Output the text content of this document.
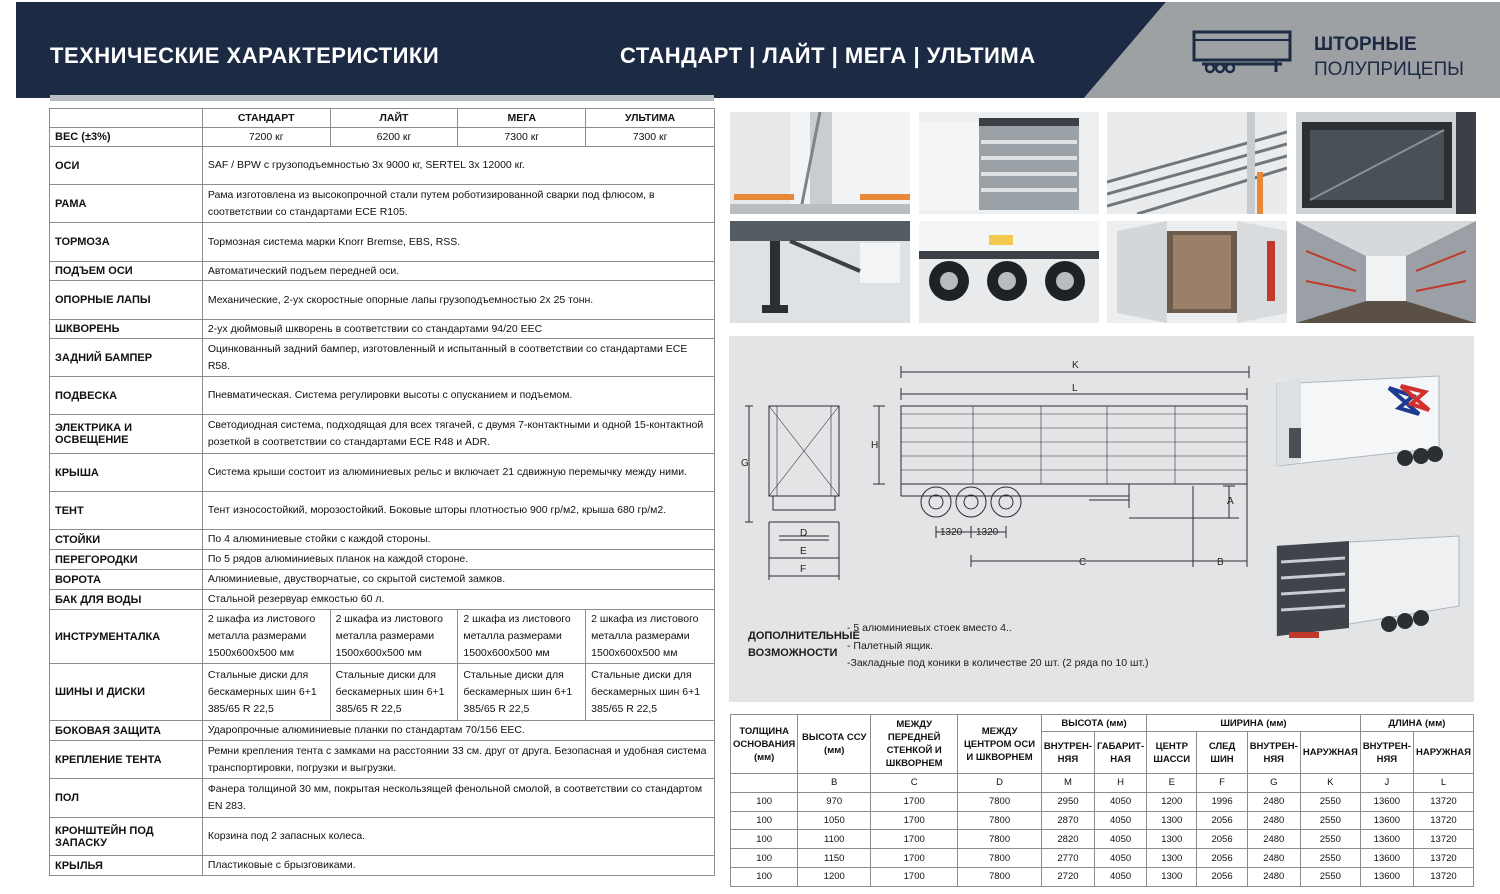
ТЕХНИЧЕСКИЕ ХАРАКТЕРИСТИКИ	СТАНДАРТ | ЛАЙТ | МЕГА | УЛЬТИМА	ШТОРНЫЕ
ПОЛУПРИЦЕПЫ
	СТАНДАРТ	ЛАЙТ	МЕГА	УЛЬТИМА
ВЕС (±3%)	7200 кг	6200 кг	7300 кг	7300 кг
ОСИ	SAF / BPW с грузоподъемностью 3x 9000 кг, SERTEL 3x 12000 кг.			
РАМА	Рама изготовлена из высокопрочной стали путем роботизированной сварки под флюсом, в соответствии со стандартами ECE R105.			
ТОРМОЗА	Тормозная система марки Knorr Bremse, EBS, RSS.			
ПОДЪЕМ ОСИ	Автоматический подъем передней оси.			
ОПОРНЫЕ ЛАПЫ	Механические, 2-ух скоростные опорные лапы грузоподъемностью 2x 25 тонн.			
ШКВОРЕНЬ	2-ух дюймовый шкворень в соответствии со стандартами 94/20 EEC			
ЗАДНИЙ БАМПЕР	Оцинкованный задний бампер, изготовленный и испытанный в соответствии со стандартами ECE R58.			
ПОДВЕСКА	Пневматическая. Система регулировки высоты с опусканием и подъемом.			
ЭЛЕКТРИКА И ОСВЕЩЕНИЕ	Светодиодная система, подходящая для всех тягачей, с двумя 7-контактными и одной 15-контактной розеткой в соответствии со стандартами ECE R48 и ADR.			
КРЫША	Система крыши состоит из алюминиевых рельс и включает 21 сдвижную перемычку между ними.			
ТЕНТ	Тент износостойкий, морозостойкий. Боковые шторы плотностью 900 гр/м2, крыша 680 гр/м2.			
СТОЙКИ	По 4 алюминиевые стойки с каждой стороны.			
ПЕРЕГОРОДКИ	По 5 рядов алюминиевых планок на каждой стороне.			
ВОРОТА	Алюминиевые, двустворчатые, со скрытой системой замков.			
БАК ДЛЯ ВОДЫ	Стальной резервуар емкостью 60 л.			
ИНСТРУМЕНТАЛКА	2 шкафа из листового металла размерами 1500x600x500 мм	2 шкафа из листового металла размерами 1500x600x500 мм	2 шкафа из листового металла размерами 1500x600x500 мм	2 шкафа из листового металла размерами 1500x600x500 мм
ШИНЫ И ДИСКИ	Стальные диски для бескамерных шин 6+1 385/65 R 22,5	Стальные диски для бескамерных шин 6+1 385/65 R 22,5	Стальные диски для бескамерных шин 6+1 385/65 R 22,5	Стальные диски для бескамерных шин 6+1 385/65 R 22,5
БОКОВАЯ ЗАЩИТА	Ударопрочные алюминиевые планки по стандартам 70/156 EEC.			
КРЕПЛЕНИЕ ТЕНТА	Ремни крепления тента с замками на расстоянии 33 см. друг от друга. Безопасная и удобная система транспортировки, погрузки и выгрузки.			
ПОЛ	Фанера толщиной 30 мм, покрытая нескользящей фенольной смолой, в соответствии со стандартом EN 283.			
КРОНШТЕЙН ПОД ЗАПАСКУ	Корзина под 2 запасных колеса.			
КРЫЛЬЯ	Пластиковые с брызговиками.			
K
L
H
G
A
D
E
F
C	B
1320 1320
ДОПОЛНИТЕЛЬНЫЕ
ВОЗМОЖНОСТИ
- 5 алюминиевых стоек вместо 4..
- Палетный ящик.
-Закладные под коники в количестве 20 шт. (2 ряда по 10 шт.)
ТОЛЩИНА ОСНОВАНИЯ (мм)	ВЫСОТА ССУ (мм)	МЕЖДУ ПЕРЕДНЕЙ СТЕНКОЙ И ШКВОРНЕМ	МЕЖДУ ЦЕНТРОМ ОСИ И ШКВОРНЕМ	ВЫСОТА (мм)		ШИРИНА (мм)				ДЛИНА (мм)	
				ВНУТРЕН- НЯЯ	ГАБАРИТ- НАЯ	ЦЕНТР ШАССИ	СЛЕД ШИН	ВНУТРЕН- НЯЯ	НАРУЖНАЯ	ВНУТРЕН- НЯЯ	НАРУЖНАЯ
	B	C	D	M	H	E	F	G	K	J	L
100	970	1700	7800	2950	4050	1200	1996	2480	2550	13600	13720
100	1050	1700	7800	2870	4050	1300	2056	2480	2550	13600	13720
100	1100	1700	7800	2820	4050	1300	2056	2480	2550	13600	13720
100	1150	1700	7800	2770	4050	1300	2056	2480	2550	13600	13720
100	1200	1700	7800	2720	4050	1300	2056	2480	2550	13600	13720
